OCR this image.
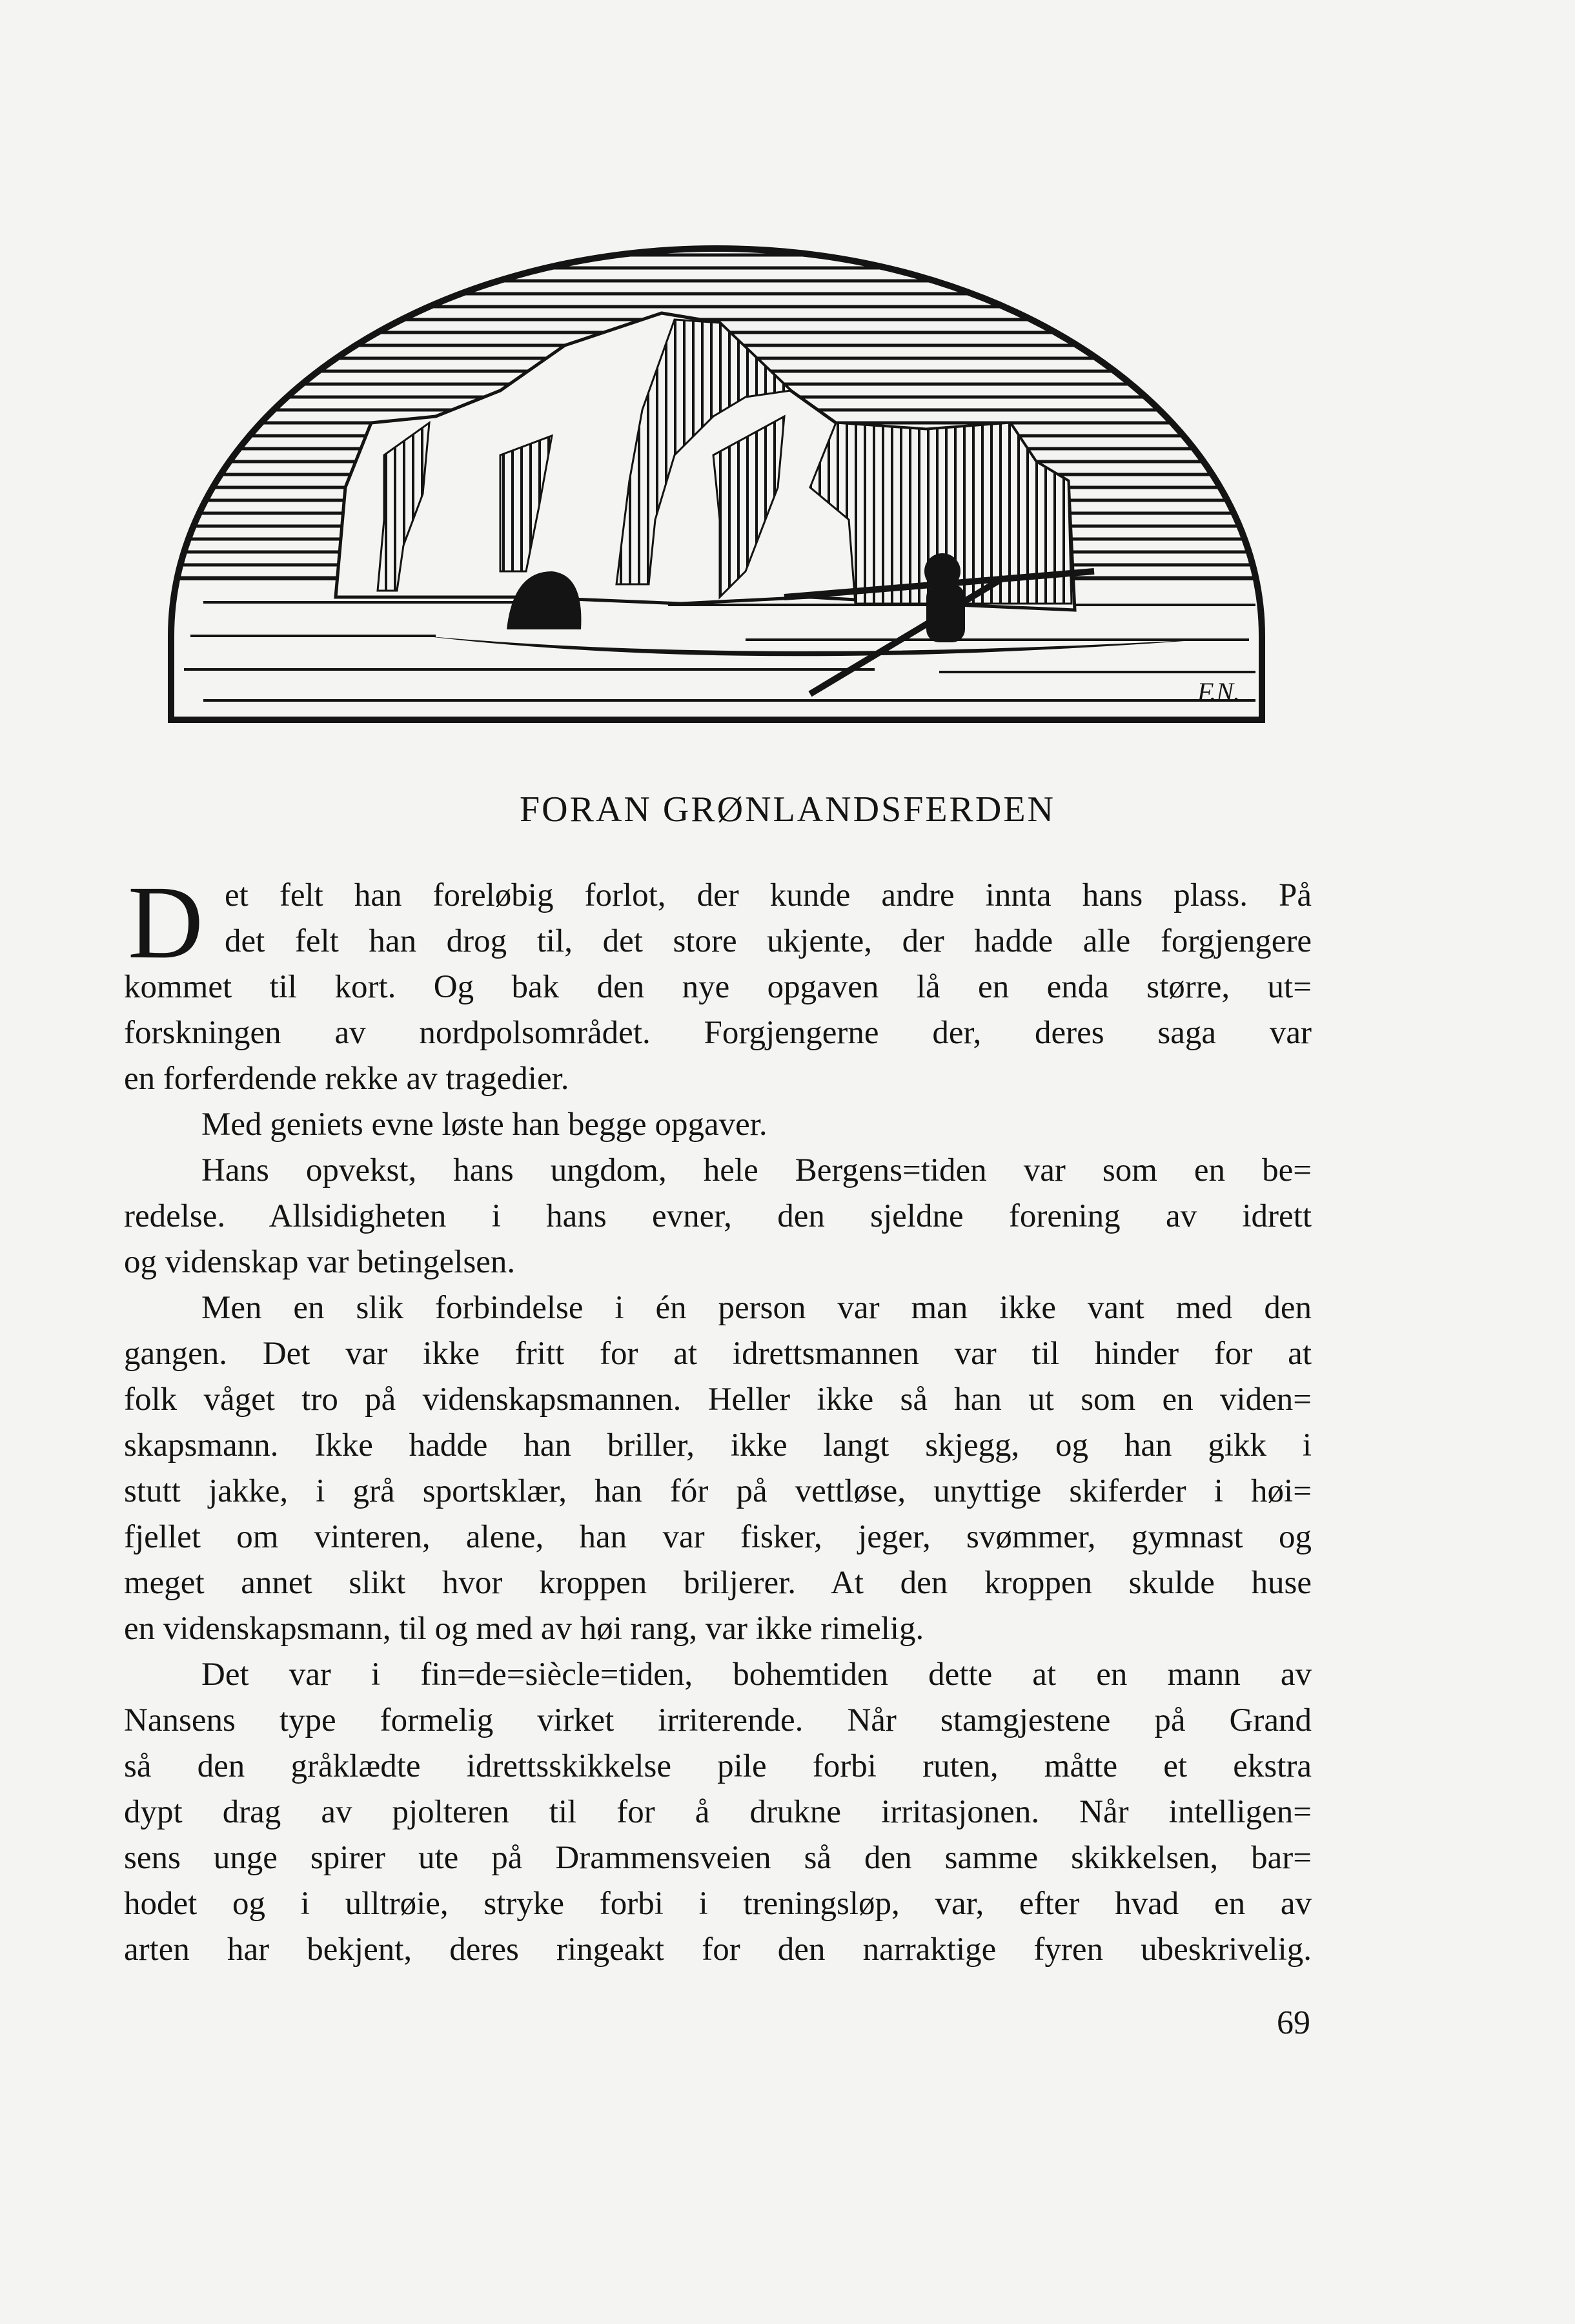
F.N.
FORAN GRØNLANDSFERDEN
D et felt han foreløbig forlot, der kunde andre innta hans plass. På
det felt han drog til, det store ukjente, der hadde alle forgjengere
kommet til kort. Og bak den nye opgaven lå en enda større, ut=
forskningen av nordpolsområdet. Forgjengerne der, deres saga var
en forferdende rekke av tragedier.
Med geniets evne løste han begge opgaver.
Hans opvekst, hans ungdom, hele Bergens=tiden var som en be=
redelse. Allsidigheten i hans evner, den sjeldne forening av idrett
og videnskap var betingelsen.
Men en slik forbindelse i én person var man ikke vant med den
gangen. Det var ikke fritt for at idrettsmannen var til hinder for at
folk våget tro på videnskapsmannen. Heller ikke så han ut som en viden=
skapsmann. Ikke hadde han briller, ikke langt skjegg, og han gikk i
stutt jakke, i grå sportsklær, han fór på vettløse, unyttige skiferder i høi=
fjellet om vinteren, alene, han var fisker, jeger, svømmer, gymnast og
meget annet slikt hvor kroppen briljerer. At den kroppen skulde huse
en videnskapsmann, til og med av høi rang, var ikke rimelig.
Det var i fin=de=siècle=tiden, bohemtiden dette at en mann av
Nansens type formelig virket irriterende. Når stamgjestene på Grand
så den gråklædte idrettsskikkelse pile forbi ruten, måtte et ekstra
dypt drag av pjolteren til for å drukne irritasjonen. Når intelligen=
sens unge spirer ute på Drammensveien så den samme skikkelsen, bar=
hodet og i ulltrøie, stryke forbi i treningsløp, var, efter hvad en av
arten har bekjent, deres ringeakt for den narraktige fyren ubeskrivelig.
69
